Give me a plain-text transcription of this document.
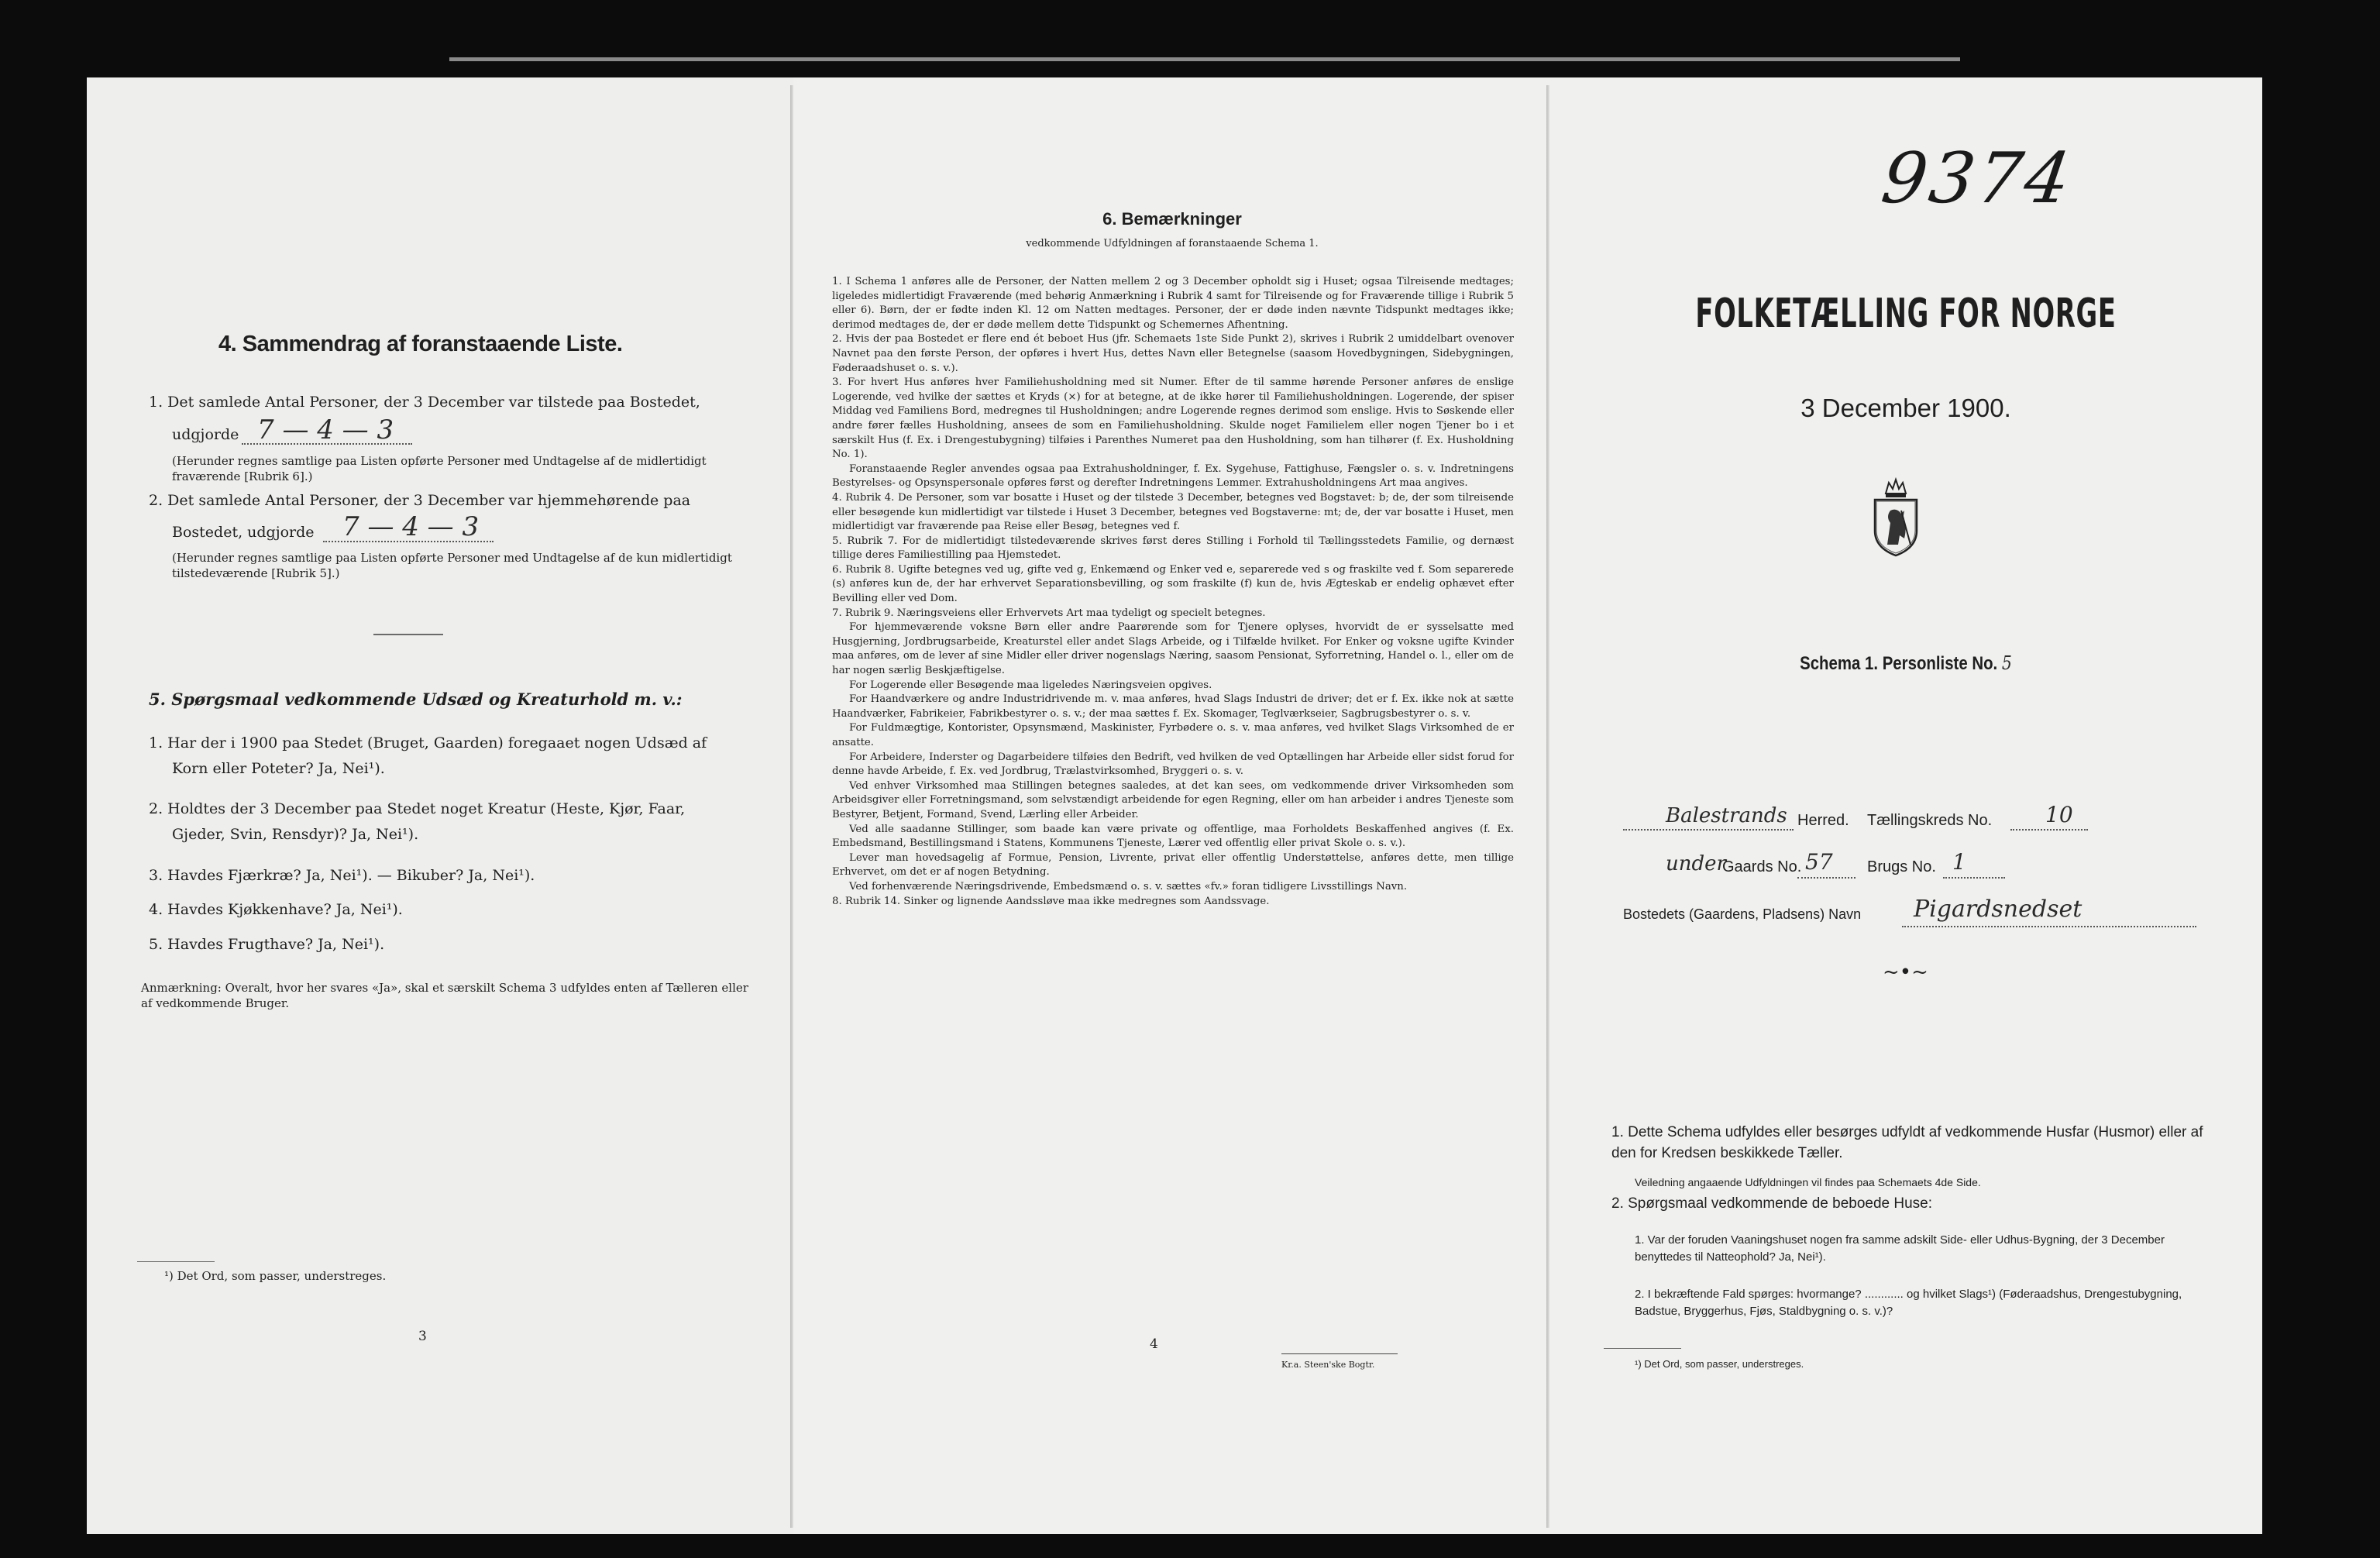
4. Sammendrag af foranstaaende Liste.
1. Det samlede Antal Personer, der 3 December var tilstede paa Bostedet,
udgjorde 7 — 4 — 3
(Herunder regnes samtlige paa Listen opførte Personer med Undtagelse af de midlertidigt fraværende [Rubrik 6].)
2. Det samlede Antal Personer, der 3 December var hjemmehørende paa
Bostedet, udgjorde 7 — 4 — 3
(Herunder regnes samtlige paa Listen opførte Personer med Undtagelse af de kun midlertidigt tilstedeværende [Rubrik 5].)
5. Spørgsmaal vedkommende Udsæd og Kreaturhold m. v.:
1. Har der i 1900 paa Stedet (Bruget, Gaarden) foregaaet nogen Udsæd af
Korn eller Poteter? Ja, Nei¹).
2. Holdtes der 3 December paa Stedet noget Kreatur (Heste, Kjør, Faar,
Gjeder, Svin, Rensdyr)? Ja, Nei¹).
3. Havdes Fjærkræ? Ja, Nei¹). — Bikuber? Ja, Nei¹).
4. Havdes Kjøkkenhave? Ja, Nei¹).
5. Havdes Frugthave? Ja, Nei¹).
Anmærkning: Overalt, hvor her svares «Ja», skal et særskilt Schema 3 udfyldes enten af Tælleren eller af vedkommende Bruger.
¹) Det Ord, som passer, understreges.
3
6. Bemærkninger
vedkommende Udfyldningen af foranstaaende Schema 1.

1. I Schema 1 anføres alle de Personer, der Natten mellem 2 og 3 December opholdt sig i Huset; ogsaa Tilreisende medtages; ligeledes midlertidigt Fraværende (med behørig Anmærkning i Rubrik 4 samt for Tilreisende og for Fraværende tillige i Rubrik 5 eller 6). Børn, der er fødte inden Kl. 12 om Natten medtages. Personer, der er døde inden nævnte Tidspunkt medtages ikke; derimod medtages de, der er døde mellem dette Tidspunkt og Schemernes Afhentning.

2. Hvis der paa Bostedet er flere end ét beboet Hus (jfr. Schemaets 1ste Side Punkt 2), skrives i Rubrik 2 umiddelbart ovenover Navnet paa den første Person, der opføres i hvert Hus, dettes Navn eller Betegnelse (saasom Hovedbygningen, Sidebygningen, Føderaadshuset o. s. v.).

3. For hvert Hus anføres hver Familiehusholdning med sit Numer. Efter de til samme hørende Personer anføres de enslige Logerende, ved hvilke der sættes et Kryds (×) for at betegne, at de ikke hører til Familiehusholdningen. Logerende, der spiser Middag ved Familiens Bord, medregnes til Husholdningen; andre Logerende regnes derimod som enslige. Hvis to Søskende eller andre fører fælles Husholdning, ansees de som en Familiehusholdning. Skulde noget Familielem eller nogen Tjener bo i et særskilt Hus (f. Ex. i Drengestubygning) tilføies i Parenthes Numeret paa den Husholdning, som han tilhører (f. Ex. Husholdning No. 1).

Foranstaaende Regler anvendes ogsaa paa Extrahusholdninger, f. Ex. Sygehuse, Fattighuse, Fængsler o. s. v. Indretningens Bestyrelses- og Opsynspersonale opføres først og derefter Indretningens Lemmer. Extrahusholdningens Art maa angives.

4. Rubrik 4. De Personer, som var bosatte i Huset og der tilstede 3 December, betegnes ved Bogstavet: b; de, der som tilreisende eller besøgende kun midlertidigt var tilstede i Huset 3 December, betegnes ved Bogstaverne: mt; de, der var bosatte i Huset, men midlertidigt var fraværende paa Reise eller Besøg, betegnes ved f.

5. Rubrik 7. For de midlertidigt tilstedeværende skrives først deres Stilling i Forhold til Tællingsstedets Familie, og dernæst tillige deres Familiestilling paa Hjemstedet.

6. Rubrik 8. Ugifte betegnes ved ug, gifte ved g, Enkemænd og Enker ved e, separerede ved s og fraskilte ved f. Som separerede (s) anføres kun de, der har erhvervet Separationsbevilling, og som fraskilte (f) kun de, hvis Ægteskab er endelig ophævet efter Bevilling eller ved Dom.

7. Rubrik 9. Næringsveiens eller Erhvervets Art maa tydeligt og specielt betegnes.

For hjemmeværende voksne Børn eller andre Paarørende som for Tjenere oplyses, hvorvidt de er sysselsatte med Husgjerning, Jordbrugsarbeide, Kreaturstel eller andet Slags Arbeide, og i Tilfælde hvilket. For Enker og voksne ugifte Kvinder maa anføres, om de lever af sine Midler eller driver nogenslags Næring, saasom Pensionat, Syforretning, Handel o. l., eller om de har nogen særlig Beskjæftigelse.

For Logerende eller Besøgende maa ligeledes Næringsveien opgives.

For Haandværkere og andre Industridrivende m. v. maa anføres, hvad Slags Industri de driver; det er f. Ex. ikke nok at sætte Haandværker, Fabrikeier, Fabrikbestyrer o. s. v.; der maa sættes f. Ex. Skomager, Teglværkseier, Sagbrugsbestyrer o. s. v.

For Fuldmægtige, Kontorister, Opsynsmænd, Maskinister, Fyrbødere o. s. v. maa anføres, ved hvilket Slags Virksomhed de er ansatte.

For Arbeidere, Inderster og Dagarbeidere tilføies den Bedrift, ved hvilken de ved Optællingen har Arbeide eller sidst forud for denne havde Arbeide, f. Ex. ved Jordbrug, Trælastvirksomhed, Bryggeri o. s. v.

Ved enhver Virksomhed maa Stillingen betegnes saaledes, at det kan sees, om vedkommende driver Virksomheden som Arbeidsgiver eller Forretningsmand, som selvstændigt arbeidende for egen Regning, eller om han arbeider i andres Tjeneste som Bestyrer, Betjent, Formand, Svend, Lærling eller Arbeider.

Ved alle saadanne Stillinger, som baade kan være private og offentlige, maa Forholdets Beskaffenhed angives (f. Ex. Embedsmand, Bestillingsmand i Statens, Kommunens Tjeneste, Lærer ved offentlig eller privat Skole o. s. v.).

Lever man hovedsagelig af Formue, Pension, Livrente, privat eller offentlig Understøttelse, anføres dette, men tillige Erhvervet, om det er af nogen Betydning.

Ved forhenværende Næringsdrivende, Embedsmænd o. s. v. sættes «fv.» foran tidligere Livsstillings Navn.

8. Rubrik 14. Sinker og lignende Aandssløve maa ikke medregnes som Aandssvage.

4
Kr.a. Steen'ske Bogtr.
9374
FOLKETÆLLING FOR NORGE
3 December 1900.
Schema 1. Personliste No. 5
Balestrands Herred. Tællingskreds No. 10
under
Gaards No. 57 Brugs No. 1
Bostedets (Gaardens, Pladsens) Navn Pigardsnedset
~•~
1. Dette Schema udfyldes eller besørges udfyldt af vedkommende Husfar (Husmor) eller af den for Kredsen beskikkede Tæller.
Veiledning angaaende Udfyldningen vil findes paa Schemaets 4de Side.
2. Spørgsmaal vedkommende de beboede Huse:
1. Var der foruden Vaaningshuset nogen fra samme adskilt Side- eller Udhus-Bygning, der 3 December benyttedes til Natteophold? Ja, Nei¹).
2. I bekræftende Fald spørges: hvormange? ............ og hvilket Slags¹) (Føderaadshus, Drengestubygning, Badstue, Bryggerhus, Fjøs, Staldbygning o. s. v.)?
¹) Det Ord, som passer, understreges.
